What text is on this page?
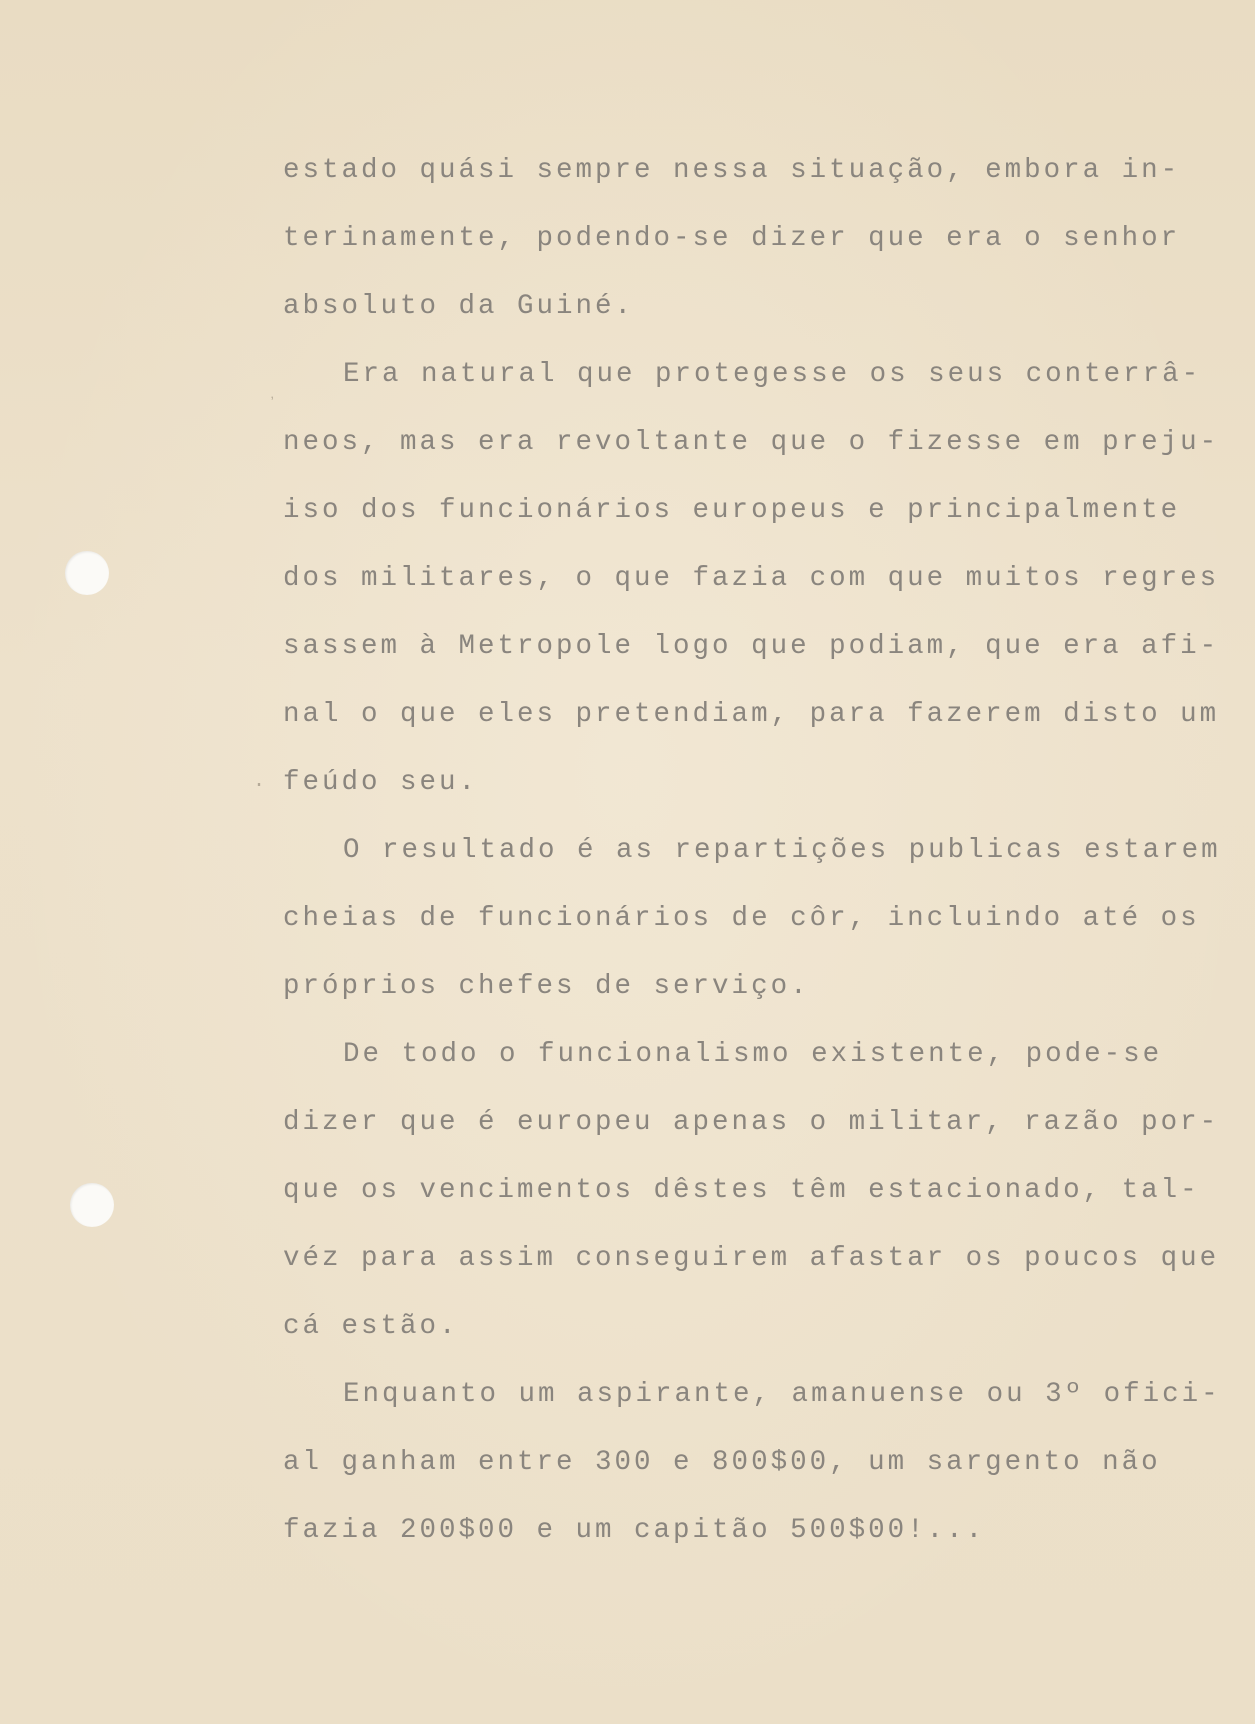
ʼ
.
estado quási sempre nessa situação, embora in-
terinamente, podendo-se dizer que era o senhor
absoluto da Guiné.
Era natural que protegesse os seus conterrâ-
neos, mas era revoltante que o fizesse em preju-
iso dos funcionários europeus e principalmente
dos militares, o que fazia com que muitos regres
sassem à Metropole logo que podiam, que era afi-
nal o que eles pretendiam, para fazerem disto um
feúdo seu.
O resultado é as repartições publicas estarem
cheias de funcionários de côr, incluindo até os
próprios chefes de serviço.
De todo o funcionalismo existente, pode-se
dizer que é europeu apenas o militar, razão por-
que os vencimentos dêstes têm estacionado, tal-
véz para assim conseguirem afastar os poucos que
cá estão.
Enquanto um aspirante, amanuense ou 3º ofici-
al ganham entre 300 e 800$00, um sargento não
fazia 200$00 e um capitão 500$00!...
